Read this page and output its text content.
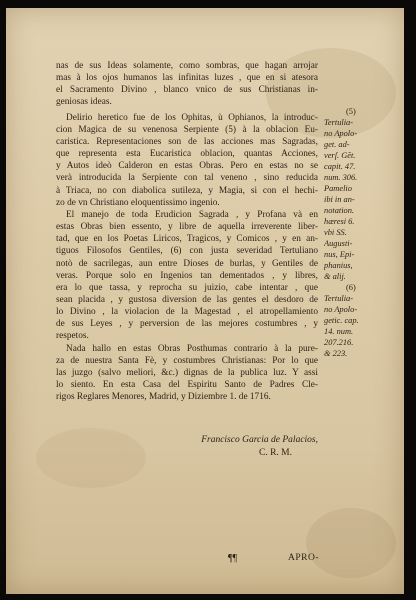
nas de sus Ideas solamente, como sombras, que hagan arrojar
mas à los ojos humanos las infinitas luzes , que en si atesora
el Sacramento Divino , blanco vnico de sus Christianas in-
geniosas ideas.
Delirio heretico fue de los Ophitas, ù Ophianos, la introduc-
cion Magica de su venenosa Serpiente (5) à la oblacion Eu-
caristica. Representaciones son de las acciones mas Sagradas,
que representa esta Eucaristica oblacion, quantas Acciones,
y Autos ideò Calderon en estas Obras. Pero en estas no se
verà introducida la Serpiente con tal veneno , sino reducida
à Triaca, no con diabolica sutileza, y Magia, si con el hechi-
zo de vn Christiano eloquentissimo ingenio.
El manejo de toda Erudicion Sagrada , y Profana và en
estas Obras bien essento, y libre de aquella irreverente liber-
tad, que en los Poetas Liricos, Tragicos, y Comicos , y en an-
tiguos Filosofos Gentiles, (6) con justa severidad Tertuliano
notò de sacrilegas, aun entre Dioses de burlas, y Gentiles de
veras. Porque solo en Ingenios tan dementados , y libres,
era lo que tassa, y reprocha su juizio, cabe intentar , que
sean placida , y gustosa diversion de las gentes el desdoro de
lo Divino , la violacion de la Magestad , el atropellamiento
de sus Leyes , y perversion de las mejores costumbres , y
respetos.
Nada hallo en estas Obras Posthumas contrario à la pure-
za de nuestra Santa Fè, y costumbres Christianas: Por lo que
las juzgo (salvo meliori, &c.) dignas de la publica luz. Y assi
lo siento. En esta Casa del Espiritu Santo de Padres Cle-
rigos Reglares Menores, Madrid, y Diziembre 1. de 1716.
(5)
Tertulia-
no Apolo-
get. ad-
verſ. Gēt.
capit. 47.
num. 306.
Pamelio
ibi in an-
notation.
hæresi 6.
vbi SS.
Augusti-
nus, Epi-
phanius,
& alij.
(6)
Tertulia-
no Apolo-
getic. cap.
14. num.
207.216.
& 223.
Francisco Garcia de Palacios,
C. R. M.
¶¶	APRO-
